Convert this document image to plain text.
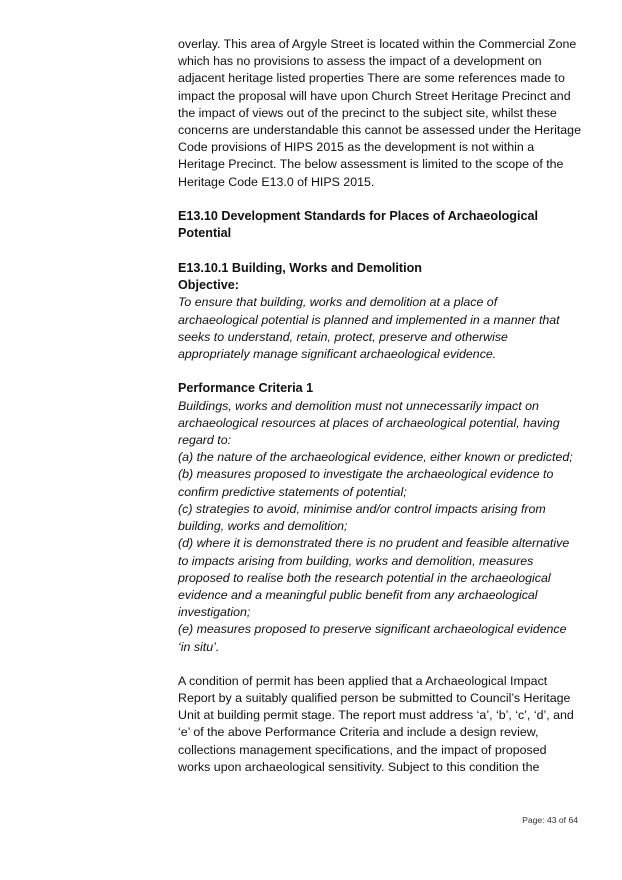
overlay. This area of Argyle Street is located within the Commercial Zone
which has no provisions to assess the impact of a development on
adjacent heritage listed properties There are some references made to
impact the proposal will have upon Church Street Heritage Precinct and
the impact of views out of the precinct to the subject site, whilst these
concerns are understandable this cannot be assessed under the Heritage
Code provisions of HIPS 2015 as the development is not within a
Heritage Precinct. The below assessment is limited to the scope of the
Heritage Code E13.0 of HIPS 2015.
E13.10 Development Standards for Places of Archaeological
Potential
E13.10.1 Building, Works and Demolition
Objective:
To ensure that building, works and demolition at a place of
archaeological potential is planned and implemented in a manner that
seeks to understand, retain, protect, preserve and otherwise
appropriately manage significant archaeological evidence.
Performance Criteria 1
Buildings, works and demolition must not unnecessarily impact on
archaeological resources at places of archaeological potential, having
regard to:
(a) the nature of the archaeological evidence, either known or predicted;
(b) measures proposed to investigate the archaeological evidence to
confirm predictive statements of potential;
(c) strategies to avoid, minimise and/or control impacts arising from
building, works and demolition;
(d) where it is demonstrated there is no prudent and feasible alternative
to impacts arising from building, works and demolition, measures
proposed to realise both the research potential in the archaeological
evidence and a meaningful public benefit from any archaeological
investigation;
(e) measures proposed to preserve significant archaeological evidence
‘in situ’.
A condition of permit has been applied that a Archaeological Impact
Report by a suitably qualified person be submitted to Council’s Heritage
Unit at building permit stage. The report must address ‘a’, ‘b’, ‘c’, ‘d’, and
‘e’ of the above Performance Criteria and include a design review,
collections management specifications, and the impact of proposed
works upon archaeological sensitivity. Subject to this condition the
Page: 43 of 64
